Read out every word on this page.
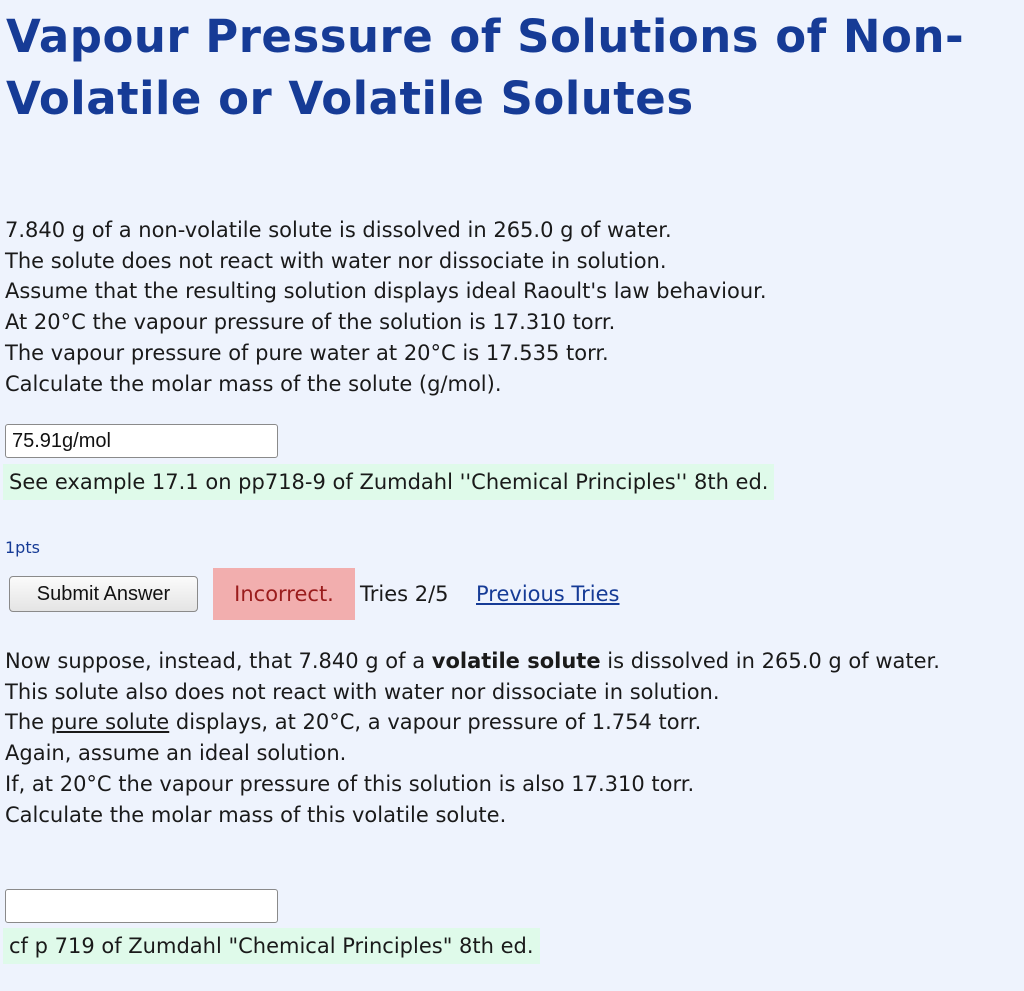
Vapour Pressure of Solutions of Non-Volatile or Volatile Solutes
7.840 g of a non-volatile solute is dissolved in 265.0 g of water.
The solute does not react with water nor dissociate in solution.
Assume that the resulting solution displays ideal Raoult's law behaviour.
At 20°C the vapour pressure of the solution is 17.310 torr.
The vapour pressure of pure water at 20°C is 17.535 torr.
Calculate the molar mass of the solute (g/mol).
75.91g/mol
See example 17.1 on pp718-9 of Zumdahl ''Chemical Principles'' 8th ed.
1pts
Submit Answer	Incorrect.	Tries 2/5 Previous Tries
Now suppose, instead, that 7.840 g of a volatile solute is dissolved in 265.0 g of water.
This solute also does not react with water nor dissociate in solution.
The pure solute displays, at 20°C, a vapour pressure of 1.754 torr.
Again, assume an ideal solution.
If, at 20°C the vapour pressure of this solution is also 17.310 torr.
Calculate the molar mass of this volatile solute.
cf p 719 of Zumdahl "Chemical Principles" 8th ed.
